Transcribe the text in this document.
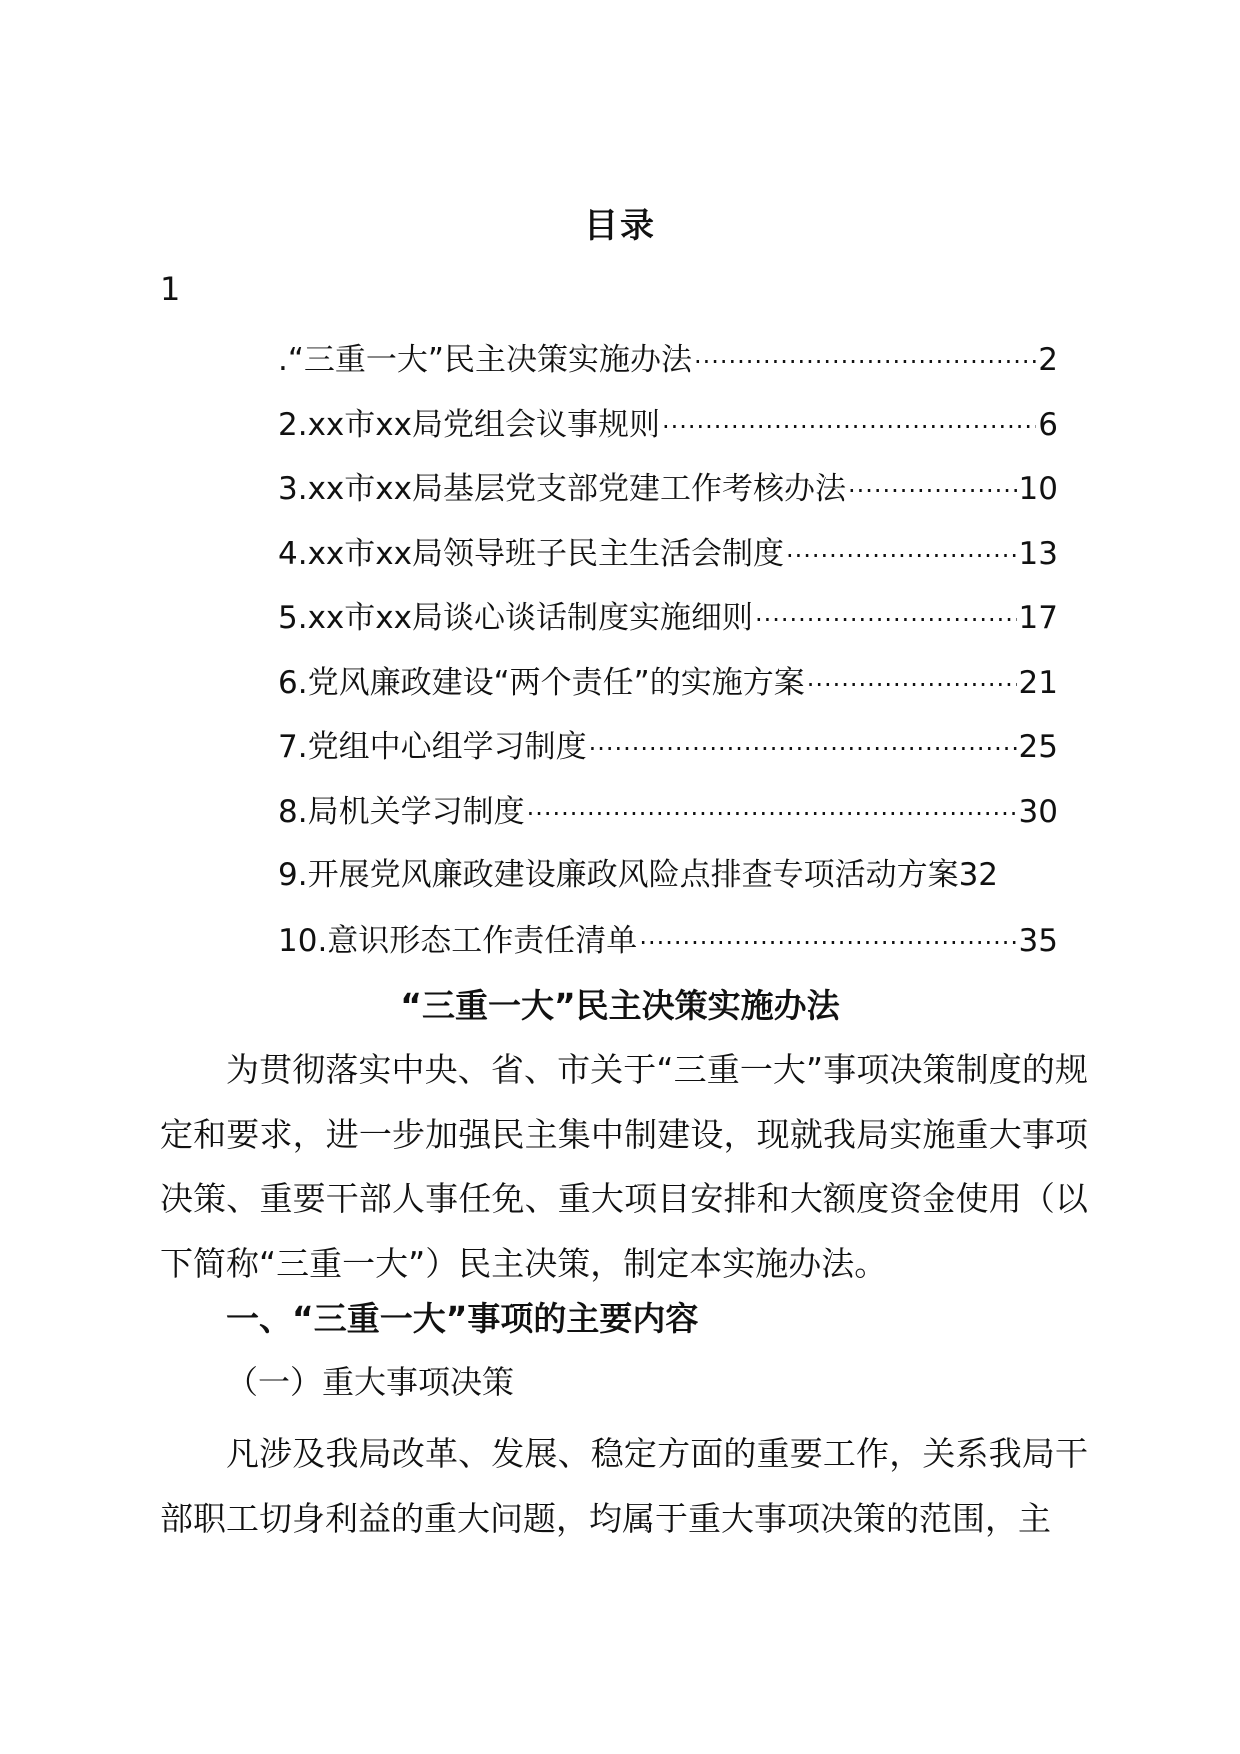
目录
1
.“三重一大”民主决策实施办法 .....	2
2.xx市xx局党组会议事规则 .....	6
3.xx市xx局基层党支部党建工作考核办法 .....	10
4.xx市xx局领导班子民主生活会制度 .....	13
5.xx市xx局谈心谈话制度实施细则 .....	17
6.党风廉政建设“两个责任”的实施方案 .....	21
7.党组中心组学习制度 .....	25
8.局机关学习制度 .....	30
9.开展党风廉政建设廉政风险点排查专项活动方案 32
10.意识形态工作责任清单 .....	35
“三重一大”民主决策实施办法

为贯彻落实中央、省、市关于“三重一大”事项决策制度的规定和要求，进一步加强民主集中制建设，现就我局实施重大事项决策、重要干部人事任免、重大项目安排和大额度资金使用（以下简称“三重一大”）民主决策，制定本实施办法。

一、“三重一大”事项的主要内容
（一）重大事项决策

凡涉及我局改革、发展、稳定方面的重要工作，关系我局干部职工切身利益的重大问题，均属于重大事项决策的范围，主
